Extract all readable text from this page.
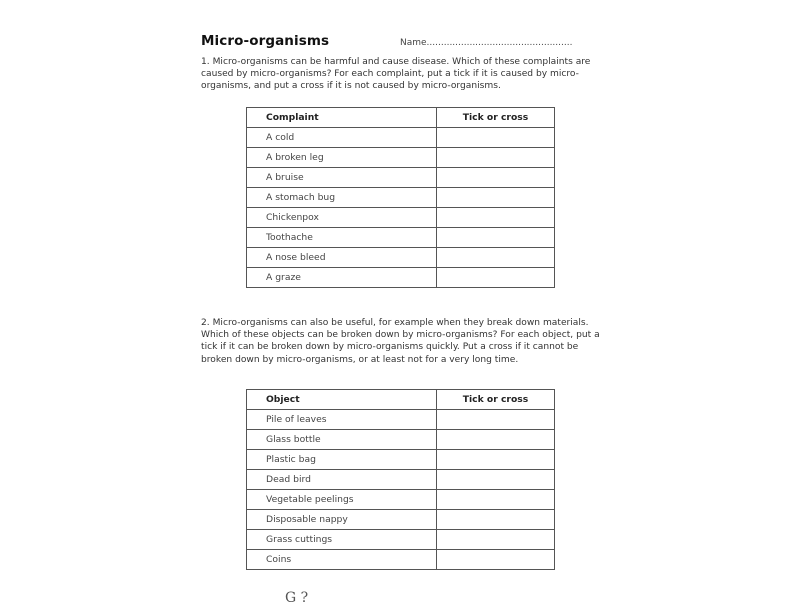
Micro-organisms	Name...................................................
1. Micro-organisms can be harmful and cause disease. Which of these complaints are caused by micro-organisms? For each complaint, put a tick if it is caused by micro-organisms, and put a cross if it is not caused by micro-organisms.
Complaint	Tick or cross
A cold	
A broken leg	
A bruise	
A stomach bug	
Chickenpox	
Toothache	
A nose bleed	
A graze	
2. Micro-organisms can also be useful, for example when they break down materials. Which of these objects can be broken down by micro-organisms? For each object, put a tick if it can be broken down by micro-organisms quickly. Put a cross if it cannot be broken down by micro-organisms, or at least not for a very long time.
Object	Tick or cross
Pile of leaves	
Glass bottle	
Plastic bag	
Dead bird	
Vegetable peelings	
Disposable nappy	
Grass cuttings	
Coins	
G ?
